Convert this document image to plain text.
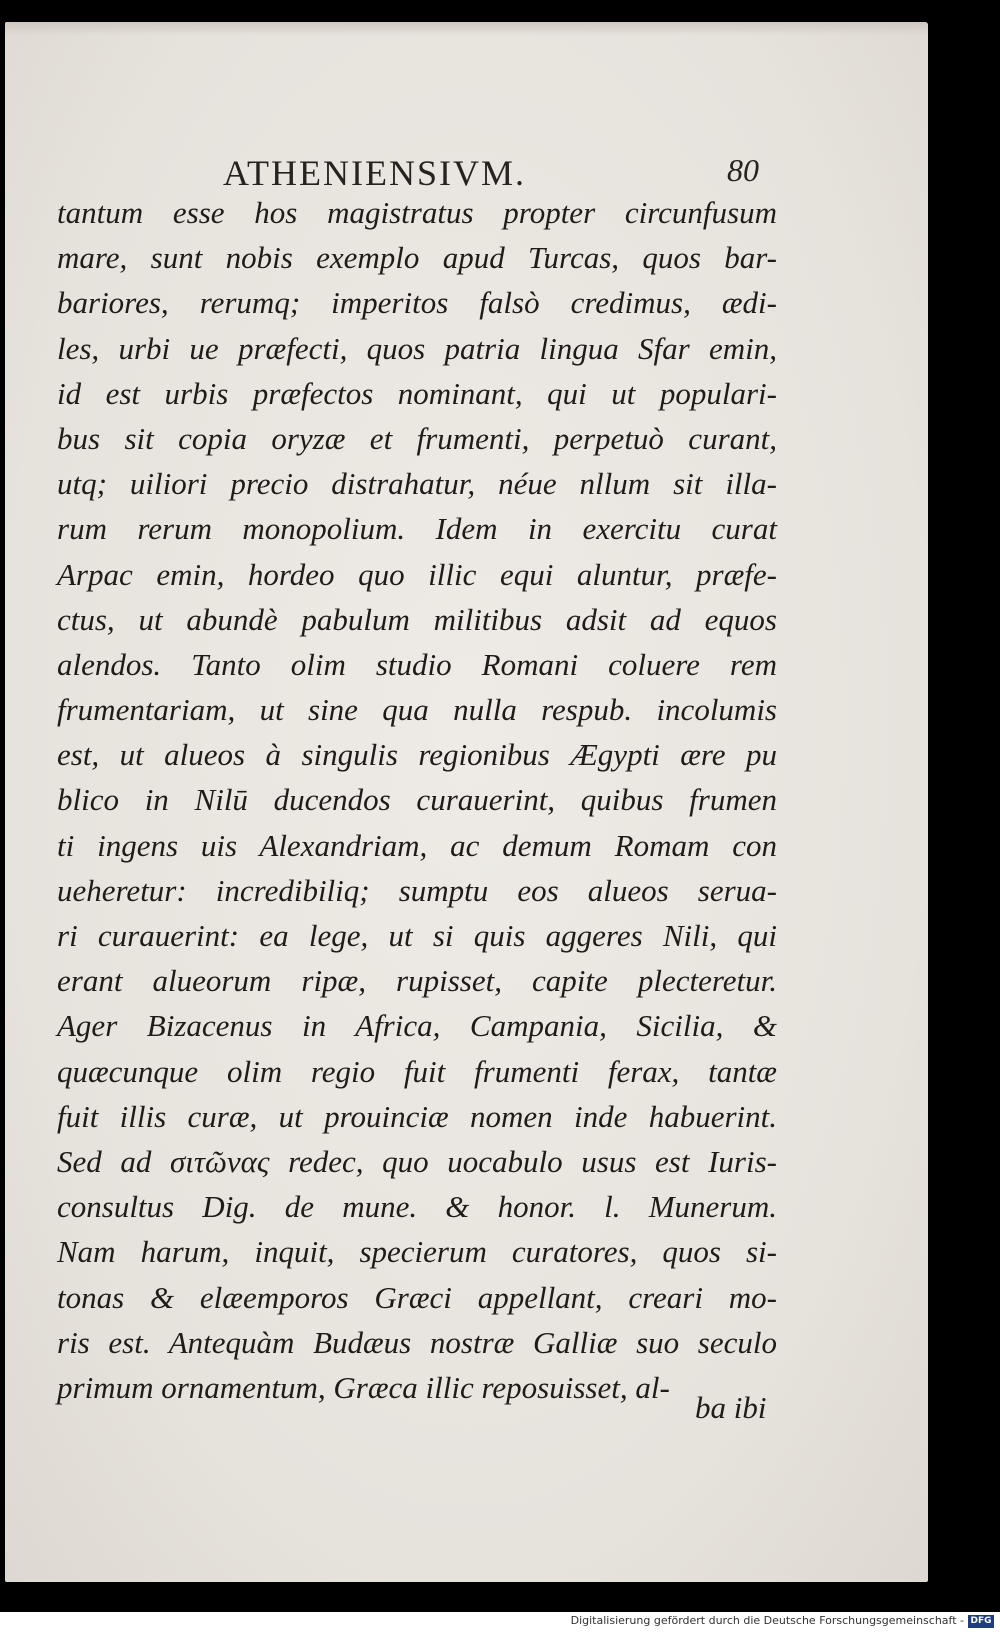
ATHENIENSIVM.	80
tantum esse hos magistratus propter circunfusum
mare, sunt nobis exemplo apud Turcas, quos bar-
bariores, rerumq; imperitos falsò credimus, ædi-
les, urbi ue præfecti, quos patria lingua Sfar emin,
id est urbis præfectos nominant, qui ut populari-
bus sit copia oryzæ et frumenti, perpetuò curant,
utq; uiliori precio distrahatur, néue nllum sit illa-
rum rerum monopolium. Idem in exercitu curat
Arpac emin, hordeo quo illic equi aluntur, præfe-
ctus, ut abundè pabulum militibus adsit ad equos
alendos. Tanto olim studio Romani coluere rem
frumentariam, ut sine qua nulla respub. incolumis
est, ut alueos à singulis regionibus Ægypti ære pu
blico in Nilū ducendos curauerint, quibus frumen
ti ingens uis Alexandriam, ac demum Romam con
ueheretur: incredibiliq; sumptu eos alueos serua-
ri curauerint: ea lege, ut si quis aggeres Nili, qui
erant alueorum ripæ, rupisset, capite plecteretur.
Ager Bizacenus in Africa, Campania, Sicilia, &
quæcunque olim regio fuit frumenti ferax, tantæ
fuit illis curæ, ut prouinciæ nomen inde habuerint.
Sed ad σιτῶνας redec, quo uocabulo usus est Iuris-
consultus Dig. de mune. & honor. l. Munerum.
Nam harum, inquit, specierum curatores, quos si-
tonas & elæemporos Græci appellant, creari mo-
ris est. Antequàm Budæus nostræ Galliæ suo seculo
primum ornamentum, Græca illic reposuisset, al-
ba ibi
Digitalisierung gefördert durch die Deutsche Forschungsgemeinschaft - DFG
